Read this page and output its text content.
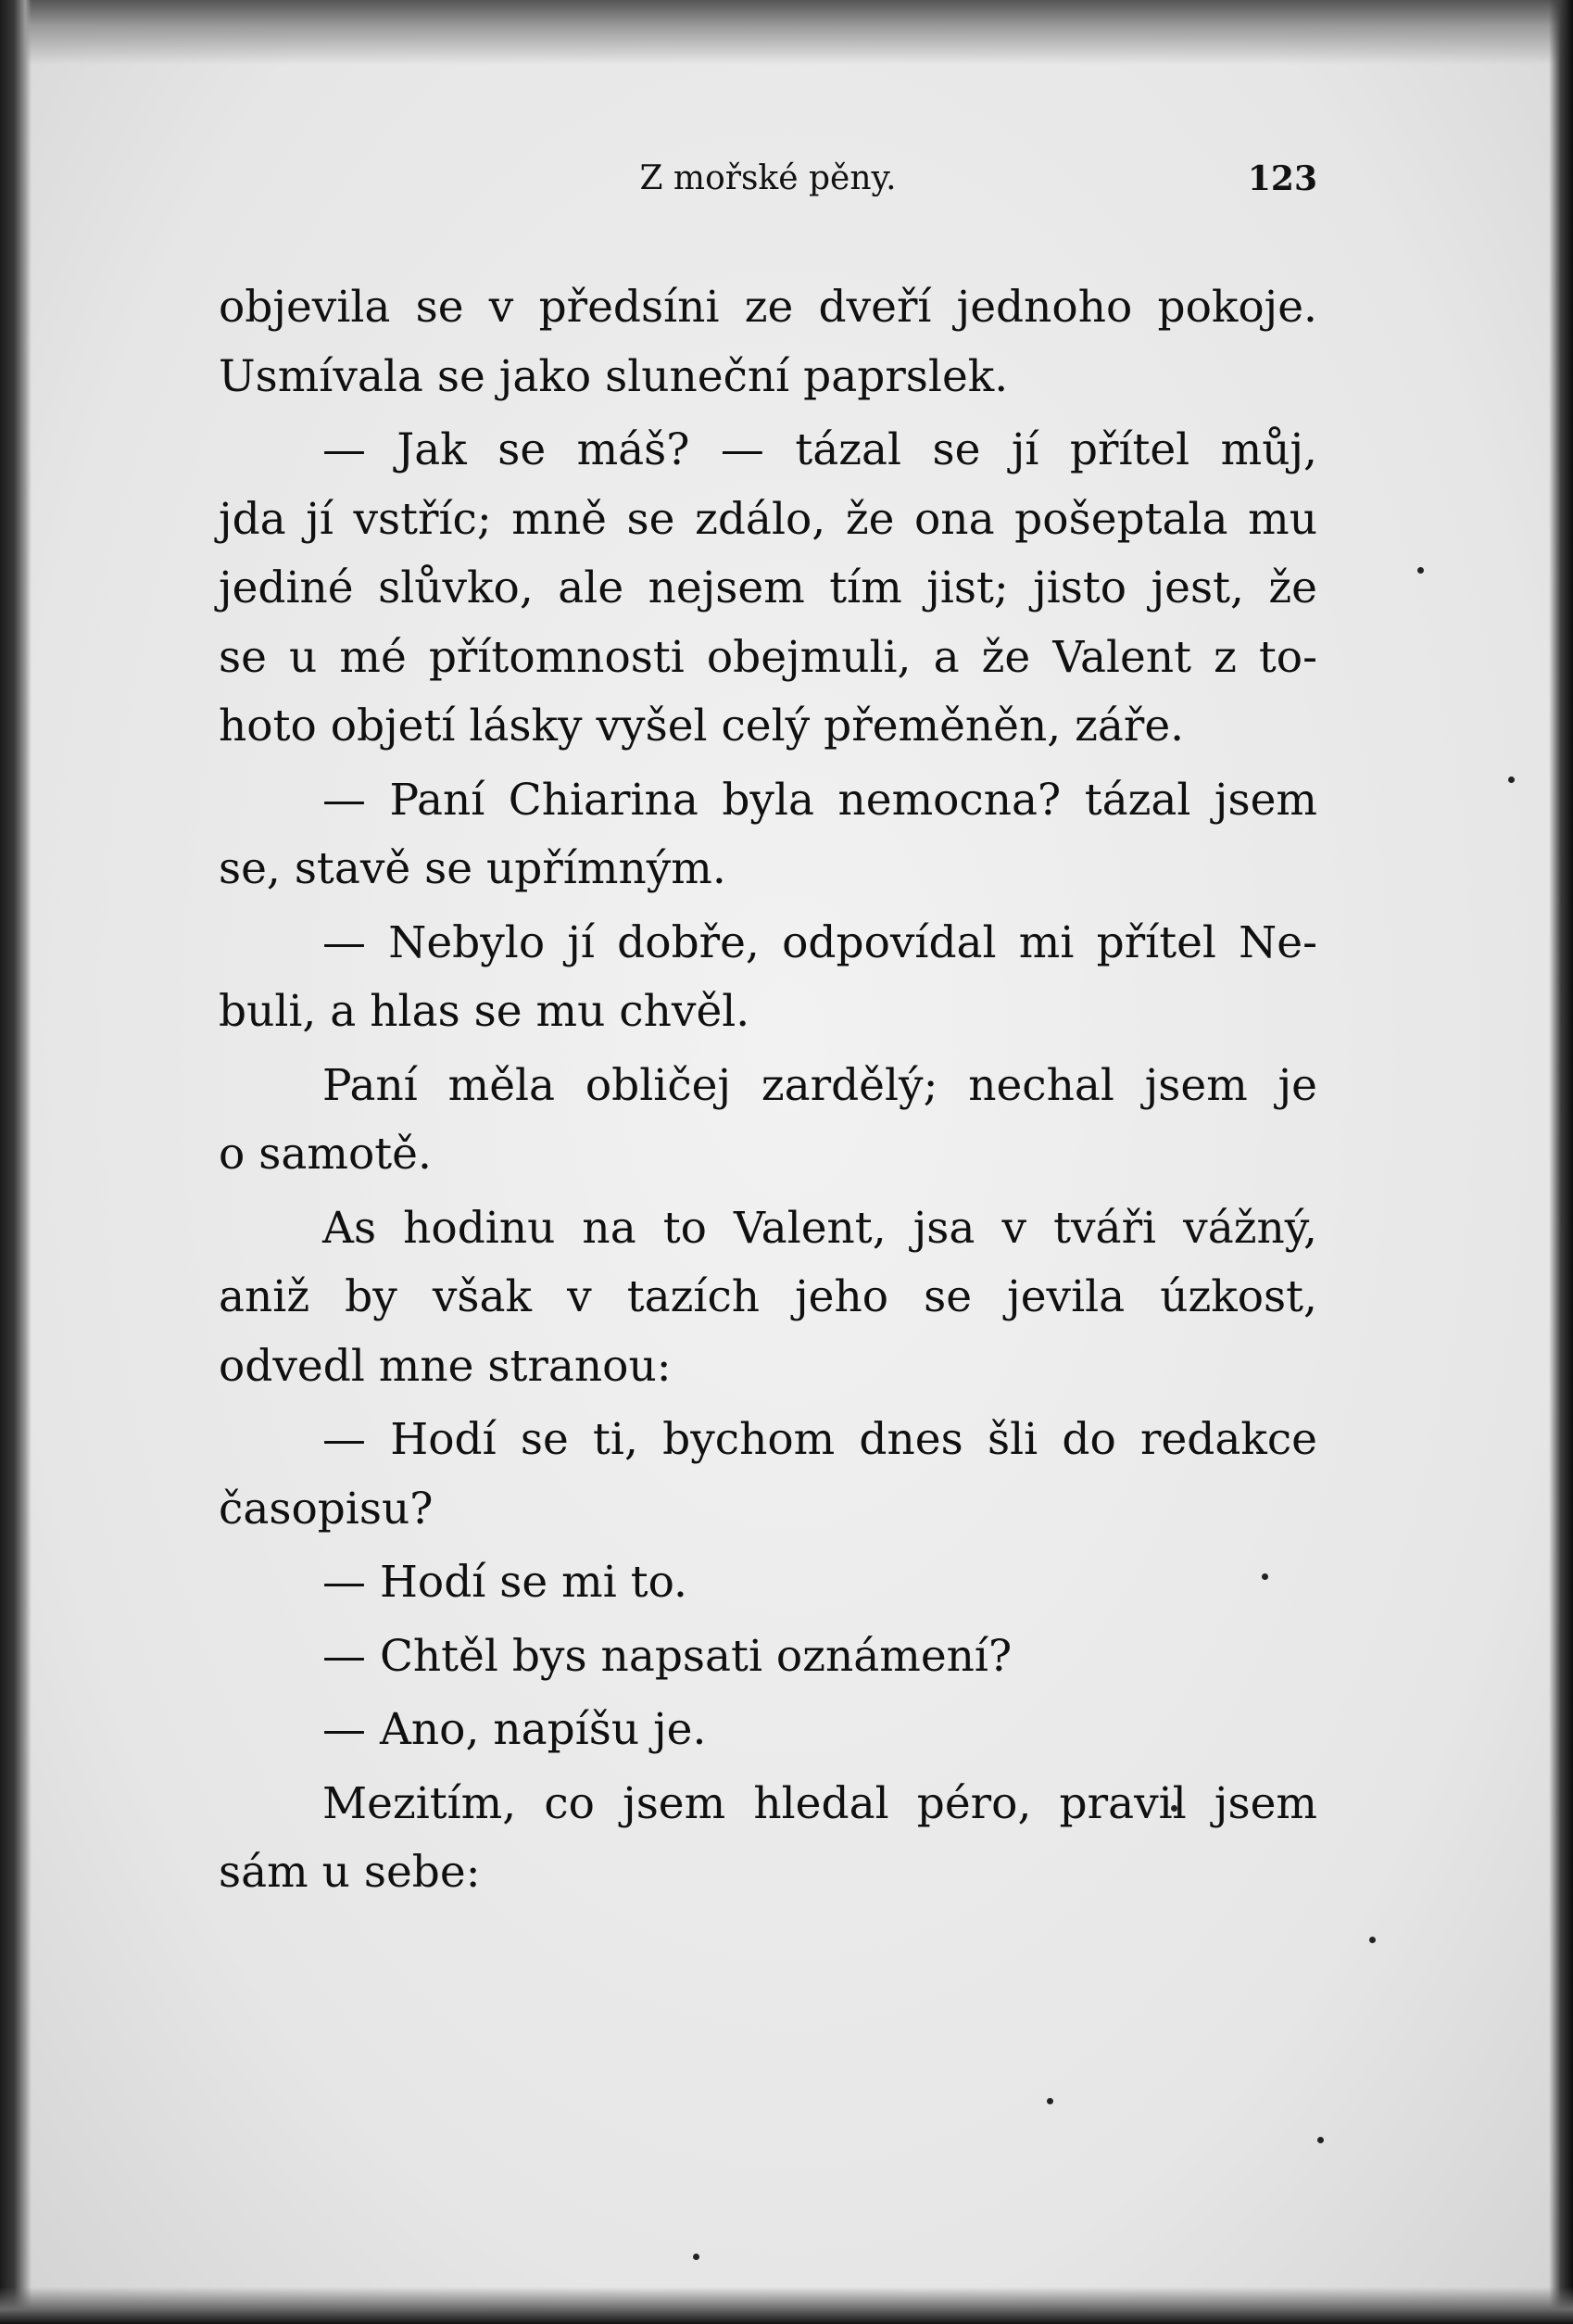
Z mořské pěny.	123
objevila se v předsíni ze dveří jednoho pokoje.
Usmívala se jako sluneční paprslek.
— Jak se máš? — tázal se jí přítel můj,
jda jí vstříc; mně se zdálo, že ona pošeptala mu
jediné slůvko, ale nejsem tím jist; jisto jest, že
se u mé přítomnosti obejmuli, a že Valent z to-
hoto objetí lásky vyšel celý přeměněn, záře.
— Paní Chiarina byla nemocna? tázal jsem
se, stavě se upřímným.
— Nebylo jí dobře, odpovídal mi přítel Ne-
buli, a hlas se mu chvěl.
Paní měla obličej zardělý; nechal jsem je
o samotě.
As hodinu na to Valent, jsa v tváři vážný,
aniž by však v tazích jeho se jevila úzkost,
odvedl mne stranou:
— Hodí se ti, bychom dnes šli do redakce
časopisu?
— Hodí se mi to.
— Chtěl bys napsati oznámení?
— Ano, napíšu je.
Mezitím, co jsem hledal péro, pravil jsem
sám u sebe:
